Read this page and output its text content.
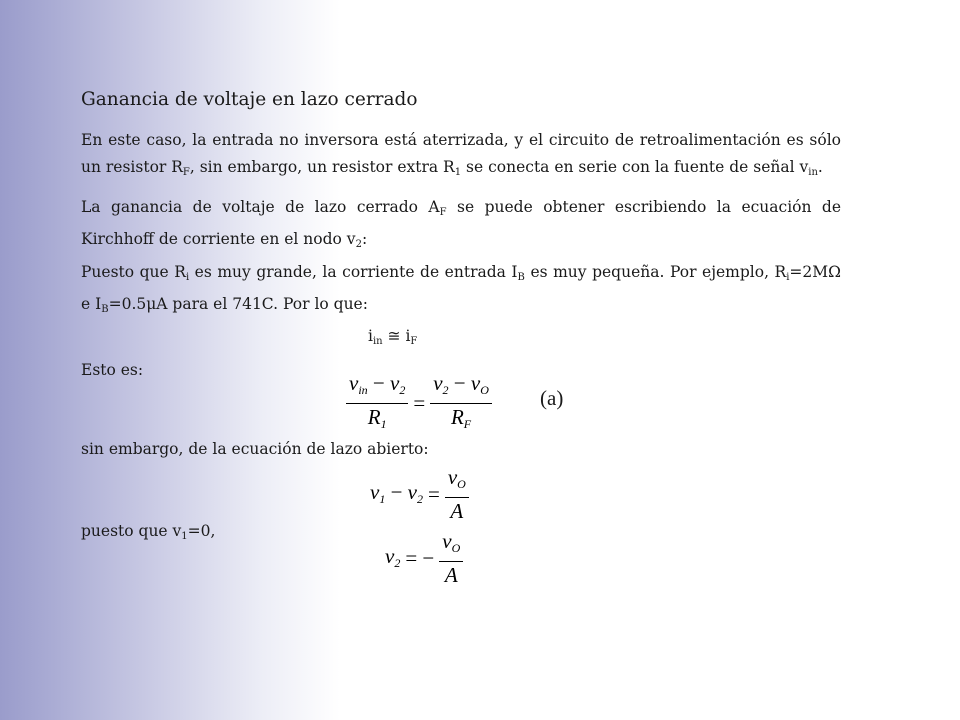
Ganancia de voltaje en lazo cerrado
En este caso, la entrada no inversora está aterrizada, y el circuito de retroalimentación es sólo un resistor $R_F$, sin embargo, un resistor extra $R_1$ se conecta en serie con la fuente de señal $v_{in}$.
La ganancia de voltaje de lazo cerrado $A_F$ se puede obtener escribiendo la ecuación de Kirchhoff de corriente en el nodo $v_2$:
Puesto que $R_i$ es muy grande, la corriente de entrada $I_B$ es muy pequeña. Por ejemplo, $R_i=2M\Omega$ e $I_B=0.5\mu A$ para el 741C. Por lo que:
$i_{in}$ ≅ $i_F$
Esto es:
$\frac{v_{in} - v_2}{R_1} = \frac{v_2 - v_O}{R_F} (a)$
sin embargo, de la ecuación de lazo abierto:
$v_1 - v_2 = \frac{v_O}{A}$
puesto que $v_1=0$,
$v_2$ = − $\frac{v_O}{A}$
